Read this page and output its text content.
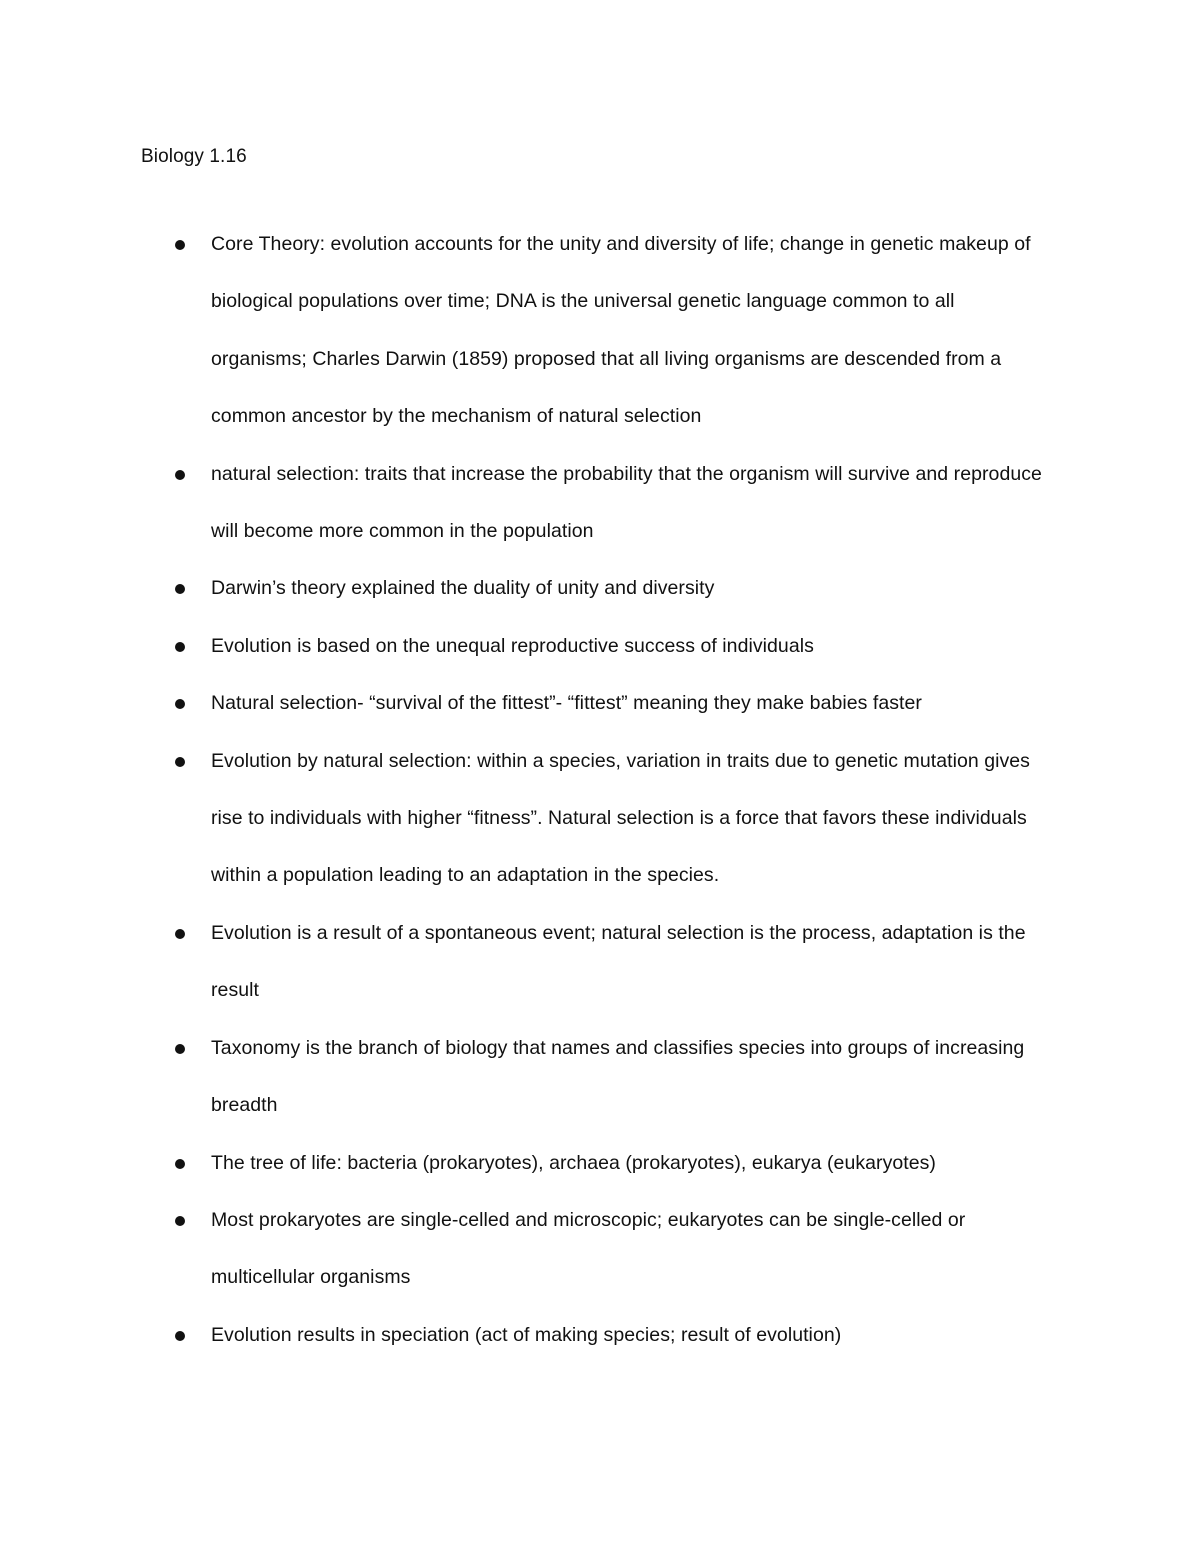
Biology 1.16
Core Theory: evolution accounts for the unity and diversity of life; change in genetic makeup of biological populations over time; DNA is the universal genetic language common to all organisms; Charles Darwin (1859) proposed that all living organisms are descended from a common ancestor by the mechanism of natural selection
natural selection: traits that increase the probability that the organism will survive and reproduce will become more common in the population
Darwin’s theory explained the duality of unity and diversity
Evolution is based on the unequal reproductive success of individuals
Natural selection- “survival of the fittest”- “fittest” meaning they make babies faster
Evolution by natural selection: within a species, variation in traits due to genetic mutation gives rise to individuals with higher “fitness”. Natural selection is a force that favors these individuals within a population leading to an adaptation in the species.
Evolution is a result of a spontaneous event; natural selection is the process, adaptation is the result
Taxonomy is the branch of biology that names and classifies species into groups of increasing breadth
The tree of life: bacteria (prokaryotes), archaea (prokaryotes), eukarya (eukaryotes)
Most prokaryotes are single-celled and microscopic; eukaryotes can be single-celled or multicellular organisms
Evolution results in speciation (act of making species; result of evolution)
